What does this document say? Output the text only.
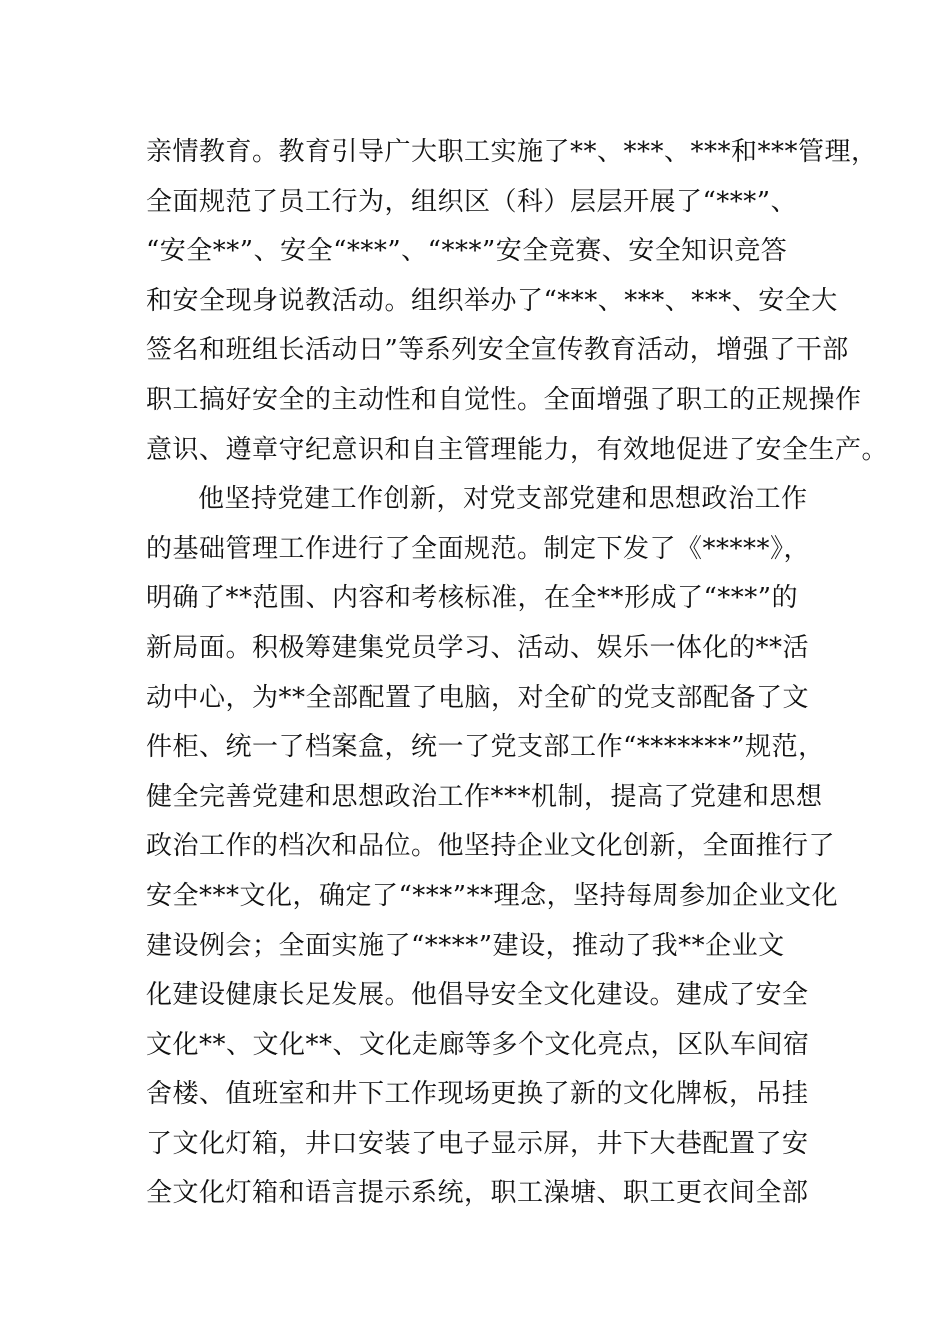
亲情教育。教育引导广大职工实施了**、***、***和***管理，
全面规范了员工行为，组织区（科）层层开展了“***”、
“安全**”、安全“***”、“***”安全竞赛、安全知识竞答
和安全现身说教活动。组织举办了“***、***、***、安全大
签名和班组长活动日”等系列安全宣传教育活动，增强了干部
职工搞好安全的主动性和自觉性。全面增强了职工的正规操作
意识、遵章守纪意识和自主管理能力，有效地促进了安全生产。
他坚持党建工作创新，对党支部党建和思想政治工作
的基础管理工作进行了全面规范。制定下发了《*****》，
明确了**范围、内容和考核标准，在全**形成了“***”的
新局面。积极筹建集党员学习、活动、娱乐一体化的**活
动中心，为**全部配置了电脑，对全矿的党支部配备了文
件柜、统一了档案盒，统一了党支部工作“*******”规范，
健全完善党建和思想政治工作***机制，提高了党建和思想
政治工作的档次和品位。他坚持企业文化创新，全面推行了
安全***文化，确定了“***”**理念，坚持每周参加企业文化
建设例会；全面实施了“****”建设，推动了我**企业文
化建设健康长足发展。他倡导安全文化建设。建成了安全
文化**、文化**、文化走廊等多个文化亮点，区队车间宿
舍楼、值班室和井下工作现场更换了新的文化牌板，吊挂
了文化灯箱，井口安装了电子显示屏，井下大巷配置了安
全文化灯箱和语言提示系统，职工澡塘、职工更衣间全部
